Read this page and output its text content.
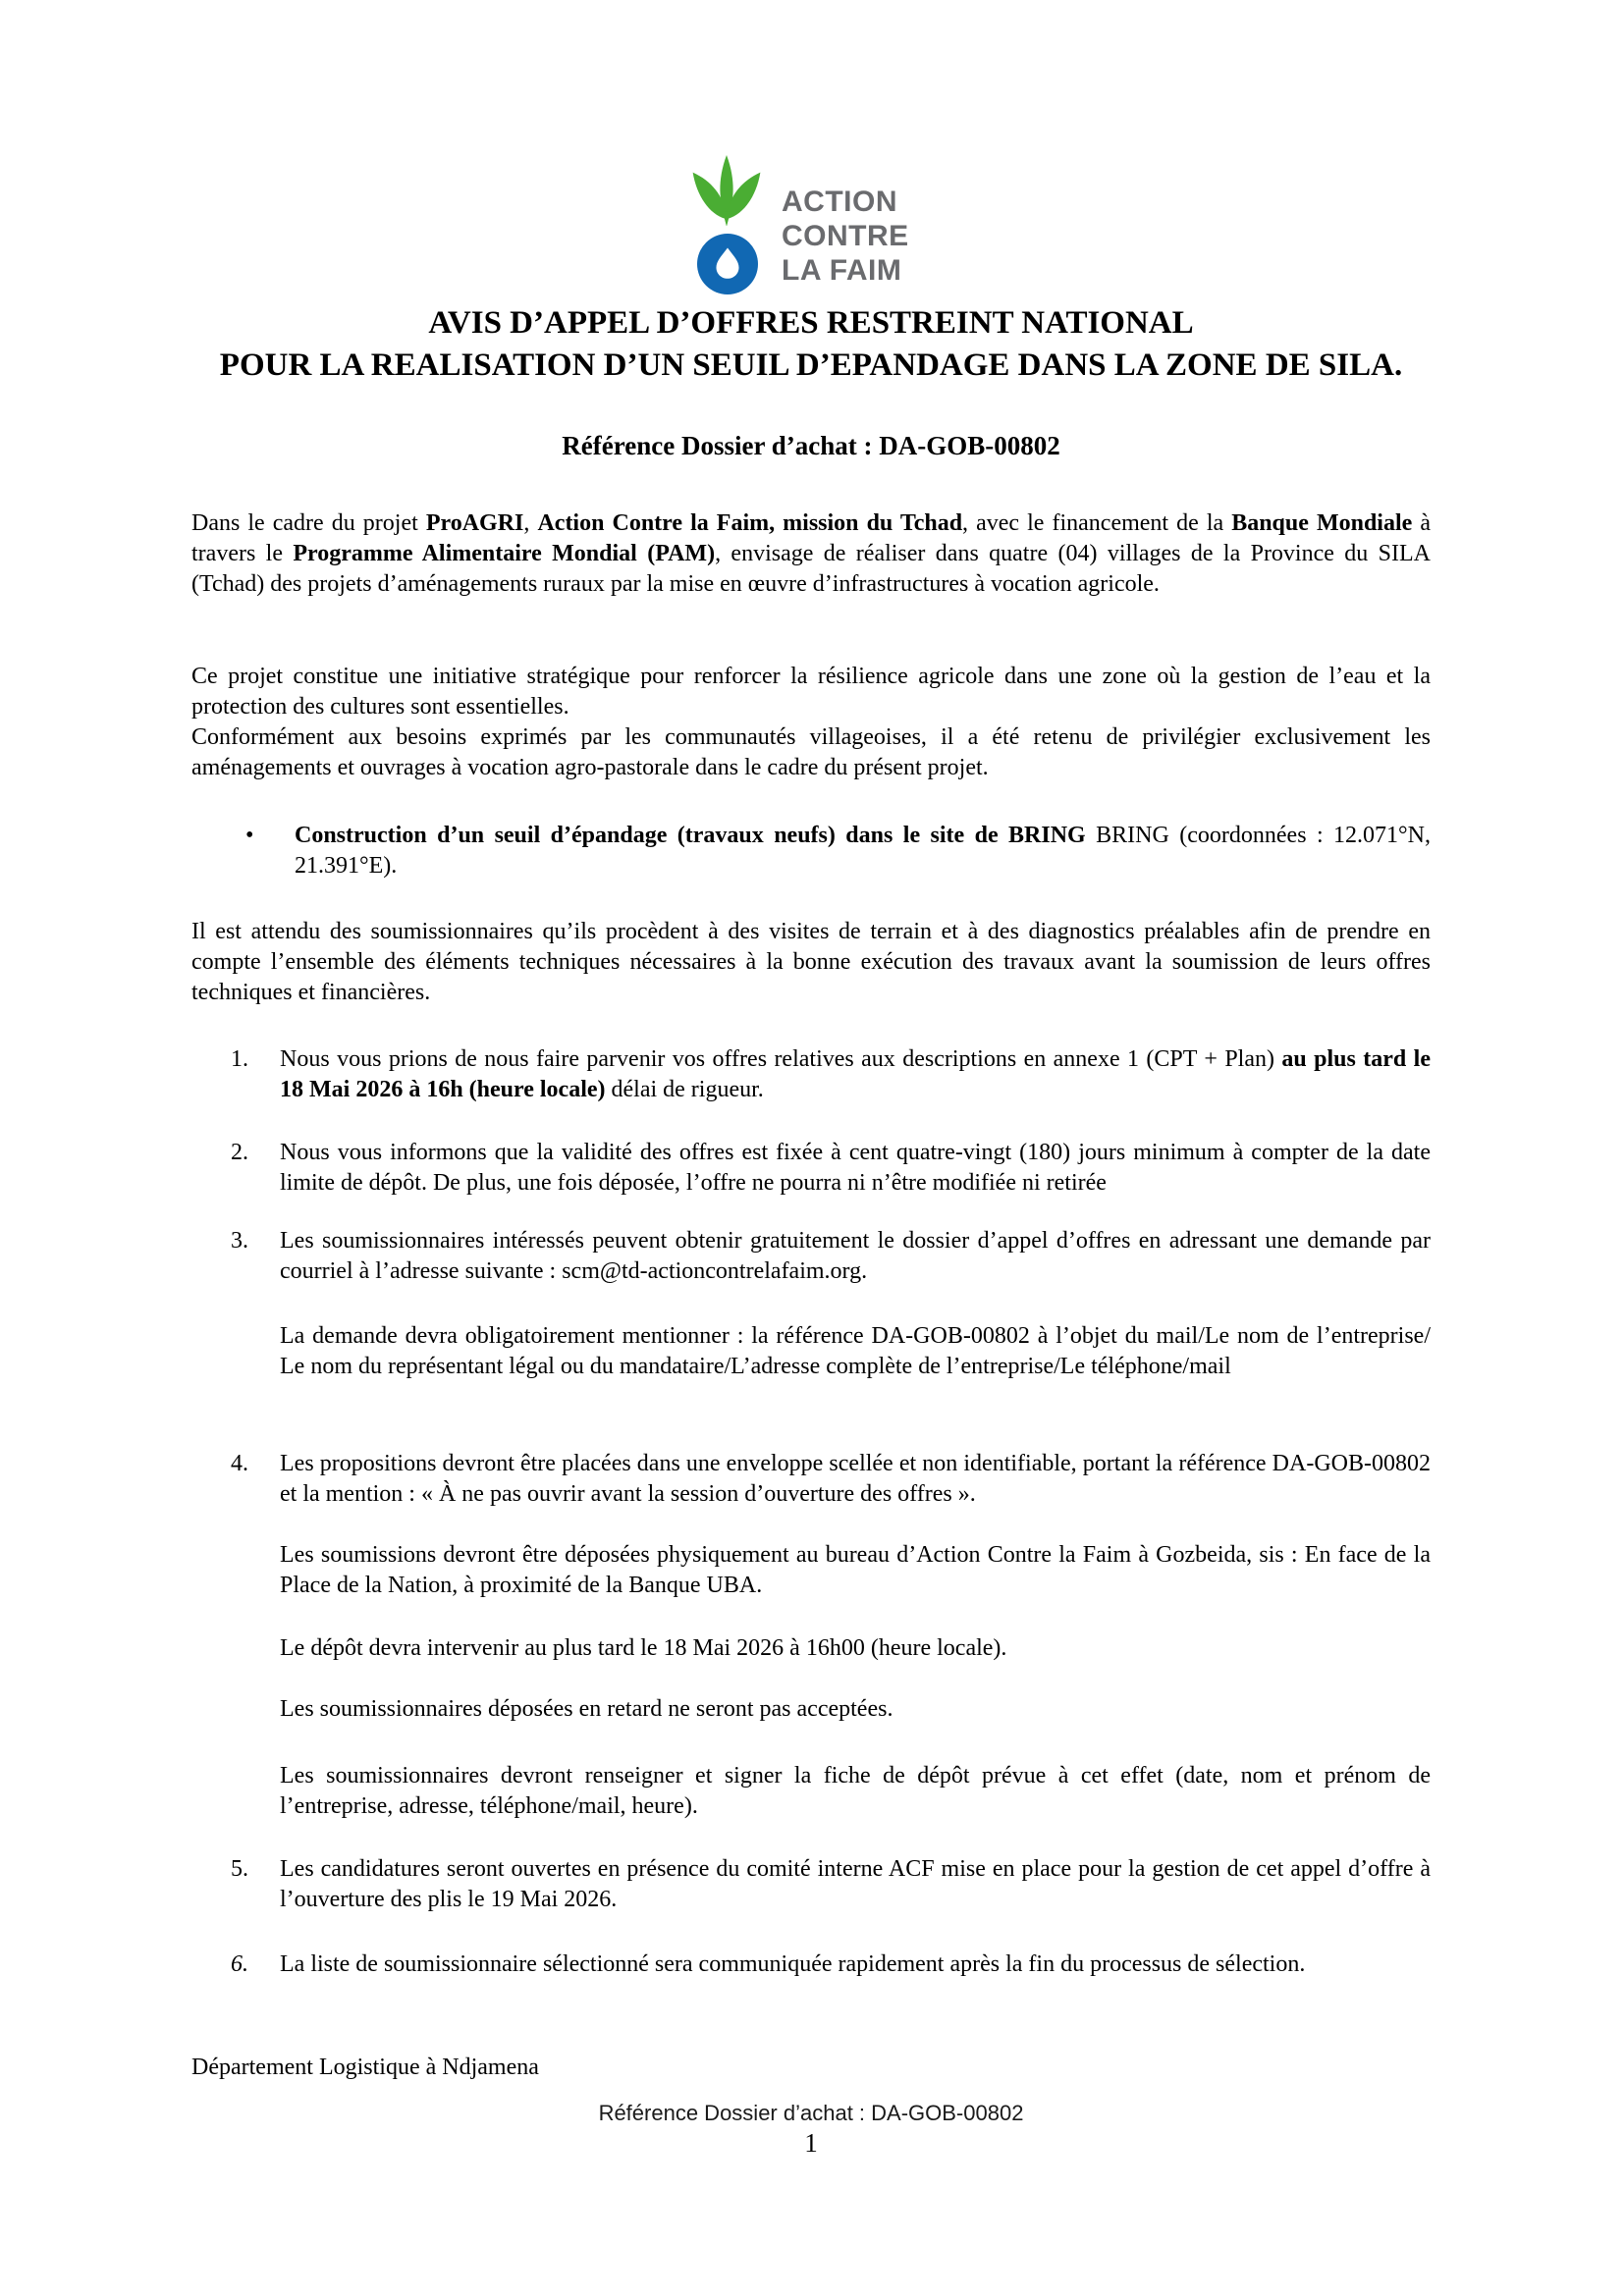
ACTION
CONTRE
LA FAIM
AVIS D’APPEL D’OFFRES RESTREINT NATIONAL
POUR LA REALISATION D’UN SEUIL D’EPANDAGE DANS LA ZONE DE SILA.
Référence Dossier d’achat : DA-GOB-00802
Dans le cadre du projet ProAGRI, Action Contre la Faim, mission du Tchad, avec le financement de la Banque Mondiale à travers le Programme Alimentaire Mondial (PAM), envisage de réaliser dans quatre (04) villages de la Province du SILA (Tchad) des projets d’aménagements ruraux par la mise en œuvre d’infrastructures à vocation agricole.

Ce projet constitue une initiative stratégique pour renforcer la résilience agricole dans une zone où la gestion de l’eau et la protection des cultures sont essentielles.

Conformément aux besoins exprimés par les communautés villageoises, il a été retenu de privilégier exclusivement les aménagements et ouvrages à vocation agro-pastorale dans le cadre du présent projet.

• Construction d’un seuil d’épandage (travaux neufs) dans le site de BRING BRING (coordonnées : 12.071°N, 21.391°E).
Il est attendu des soumissionnaires qu’ils procèdent à des visites de terrain et à des diagnostics préalables afin de prendre en compte l’ensemble des éléments techniques nécessaires à la bonne exécution des travaux avant la soumission de leurs offres techniques et financières.
1. Nous vous prions de nous faire parvenir vos offres relatives aux descriptions en annexe 1 (CPT + Plan) au plus tard le 18 Mai 2026 à 16h (heure locale) délai de rigueur.
2. Nous vous informons que la validité des offres est fixée à cent quatre-vingt (180) jours minimum à compter de la date limite de dépôt. De plus, une fois déposée, l’offre ne pourra ni n’être modifiée ni retirée
3. Les soumissionnaires intéressés peuvent obtenir gratuitement le dossier d’appel d’offres en adressant une demande par courriel à l’adresse suivante : scm@td-actioncontrelafaim.org.
La demande devra obligatoirement mentionner : la référence DA-GOB-00802 à l’objet du mail/Le nom de l’entreprise/ Le nom du représentant légal ou du mandataire/L’adresse complète de l’entreprise/Le téléphone/mail
4. Les propositions devront être placées dans une enveloppe scellée et non identifiable, portant la référence DA-GOB-00802 et la mention : « À ne pas ouvrir avant la session d’ouverture des offres ».
Les soumissions devront être déposées physiquement au bureau d’Action Contre la Faim à Gozbeida, sis : En face de la Place de la Nation, à proximité de la Banque UBA.
Le dépôt devra intervenir au plus tard le 18 Mai 2026 à 16h00 (heure locale).
Les soumissionnaires déposées en retard ne seront pas acceptées.
Les soumissionnaires devront renseigner et signer la fiche de dépôt prévue à cet effet (date, nom et prénom de l’entreprise, adresse, téléphone/mail, heure).
5. Les candidatures seront ouvertes en présence du comité interne ACF mise en place pour la gestion de cet appel d’offre à l’ouverture des plis le 19 Mai 2026.
6. La liste de soumissionnaire sélectionné sera communiquée rapidement après la fin du processus de sélection.
Département Logistique à Ndjamena
Référence Dossier d’achat : DA-GOB-00802
1
